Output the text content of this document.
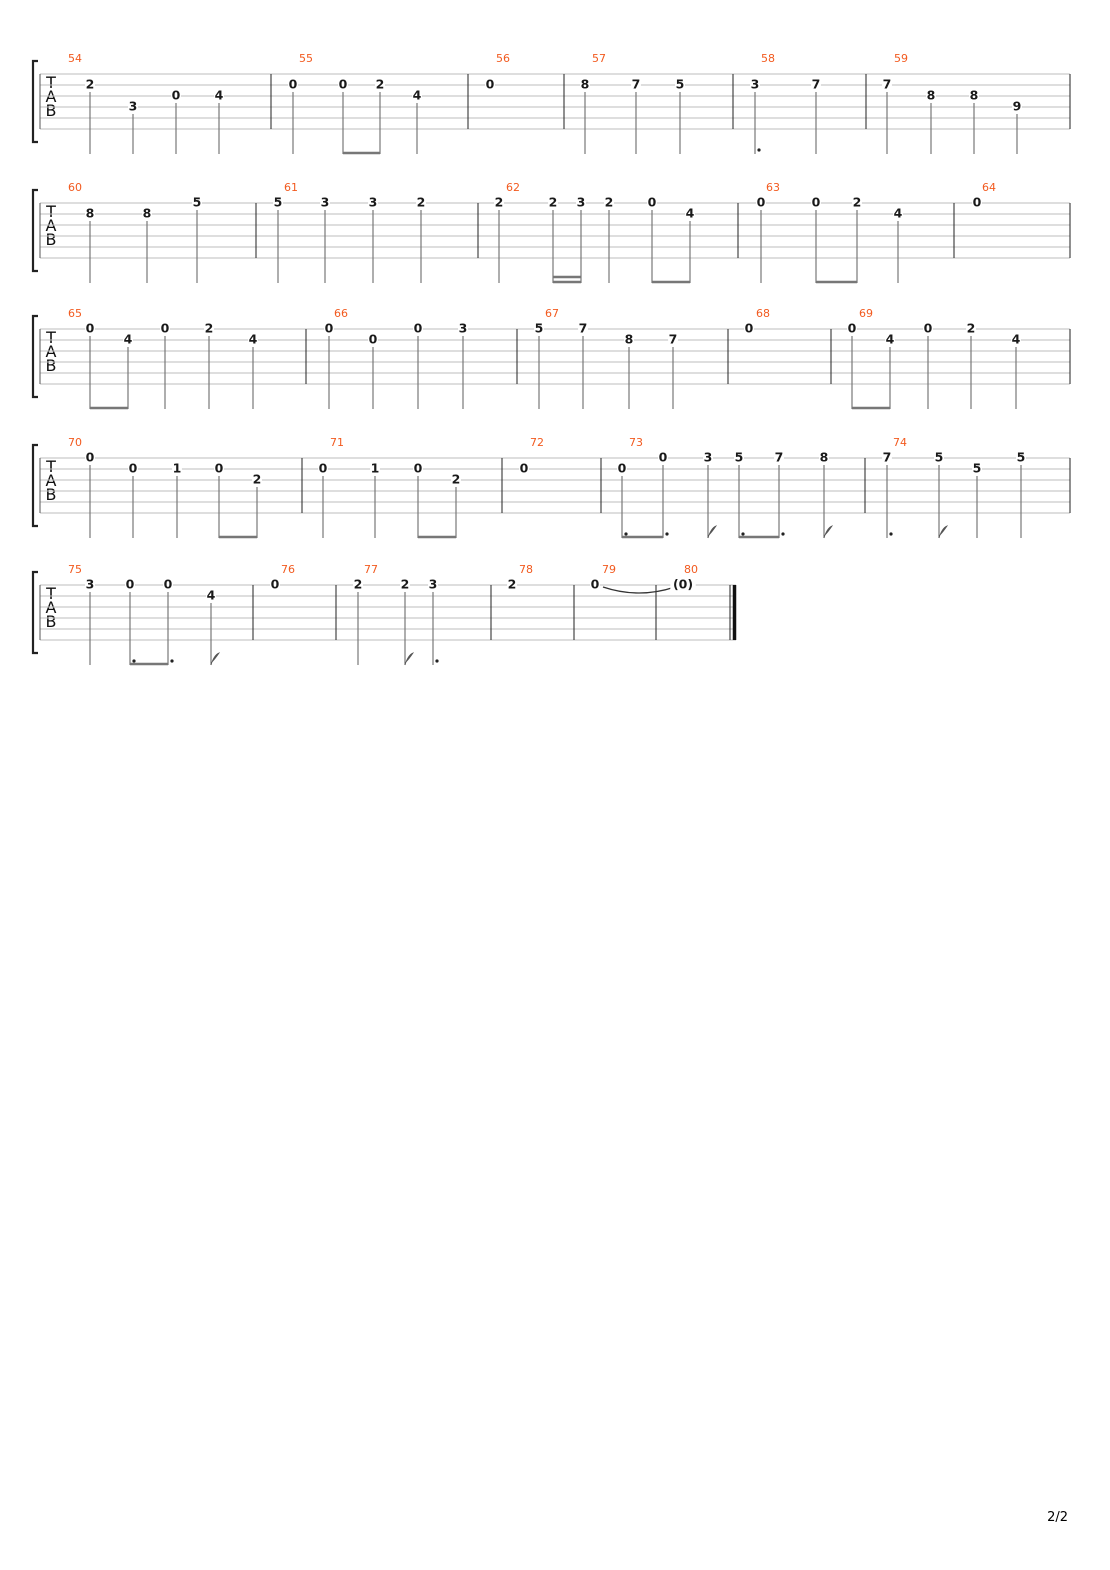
T
A
B
54
2
3
0	4
55
0	0 2
4
56
0
57
8	7	5
58
3	7
59
7
8	8
9
T
A
B
60
8	8
5
61
5	3	3	2
62
2	2 3 2	0
4
63
0	0	2
4
64
0
T
A
B
65
0
4
0	2
4
66
0
0
0	3
67
5	7
8	7
68
0
69
0
4
0	2
4
T
A
B
70
0
0	1	0
2
71
0	1	0
2
72
0
73
0
0	3 5	7	8
74
7	5
5
5
T
A
B
75
3	0 0
4
76
0
77
2	2 3
78
2
79
0
80
(0)
2/2
